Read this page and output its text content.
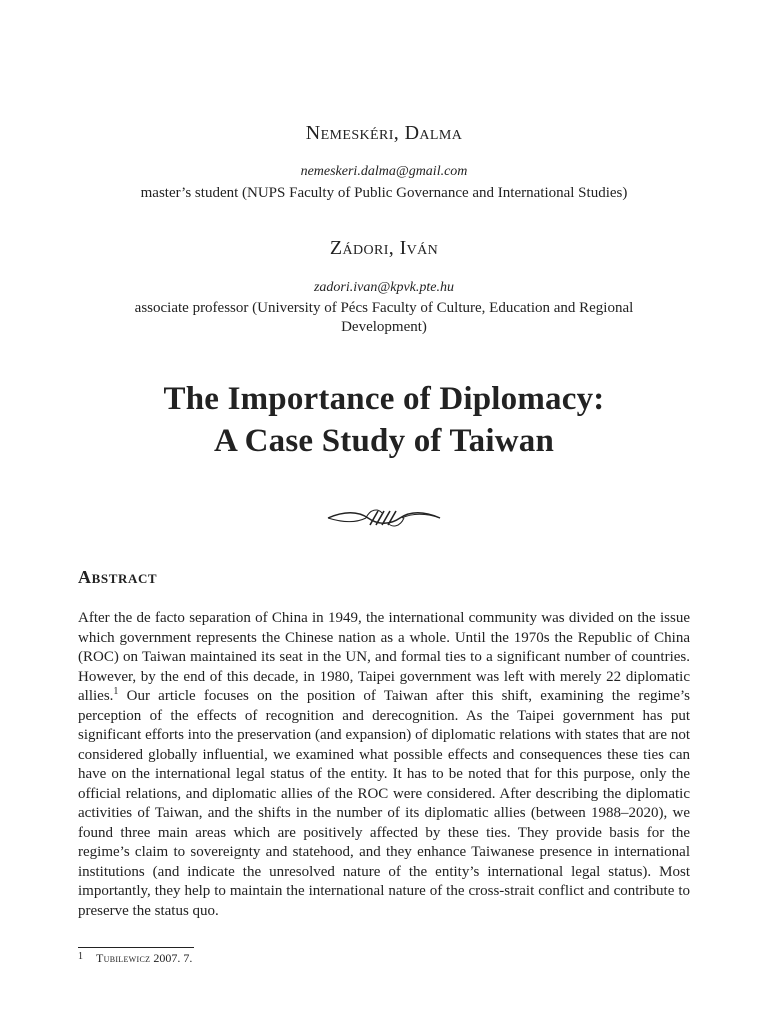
Nemeskéri, Dalma
nemeskeri.dalma@gmail.com
master’s student (NUPS Faculty of Public Governance and International Studies)
Zádori, Iván
zadori.ivan@kpvk.pte.hu
associate professor (University of Pécs Faculty of Culture, Education and Regional Development)
The Importance of Diplomacy:
A Case Study of Taiwan
Abstract
After the de facto separation of China in 1949, the international community was divided on the issue which government represents the Chinese nation as a whole. Until the 1970s the Republic of China (ROC) on Taiwan maintained its seat in the UN, and formal ties to a significant number of countries. However, by the end of this decade, in 1980, Taipei government was left with merely 22 diplomatic allies.$^1$ Our article focuses on the position of Taiwan after this shift, examining the regime’s perception of the effects of recognition and derecognition. As the Taipei government has put significant efforts into the preservation (and expansion) of diplomatic relations with states that are not considered globally influential, we examined what possible effects and consequences these ties can have on the international legal status of the entity. It has to be noted that for this purpose, only the official relations, and diplomatic allies of the ROC were considered. After describing the diplomatic activities of Taiwan, and the shifts in the number of its diplomatic allies (between 1988–2020), we found three main areas which are positively affected by these ties. They provide basis for the regime’s claim to sovereignty and statehood, and they enhance Taiwanese presence in international institutions (and indicate the unresolved nature of the entity’s international legal status). Most importantly, they help to maintain the international nature of the cross-strait conflict and contribute to preserve the status quo.
1 Tubilewicz 2007. 7.
